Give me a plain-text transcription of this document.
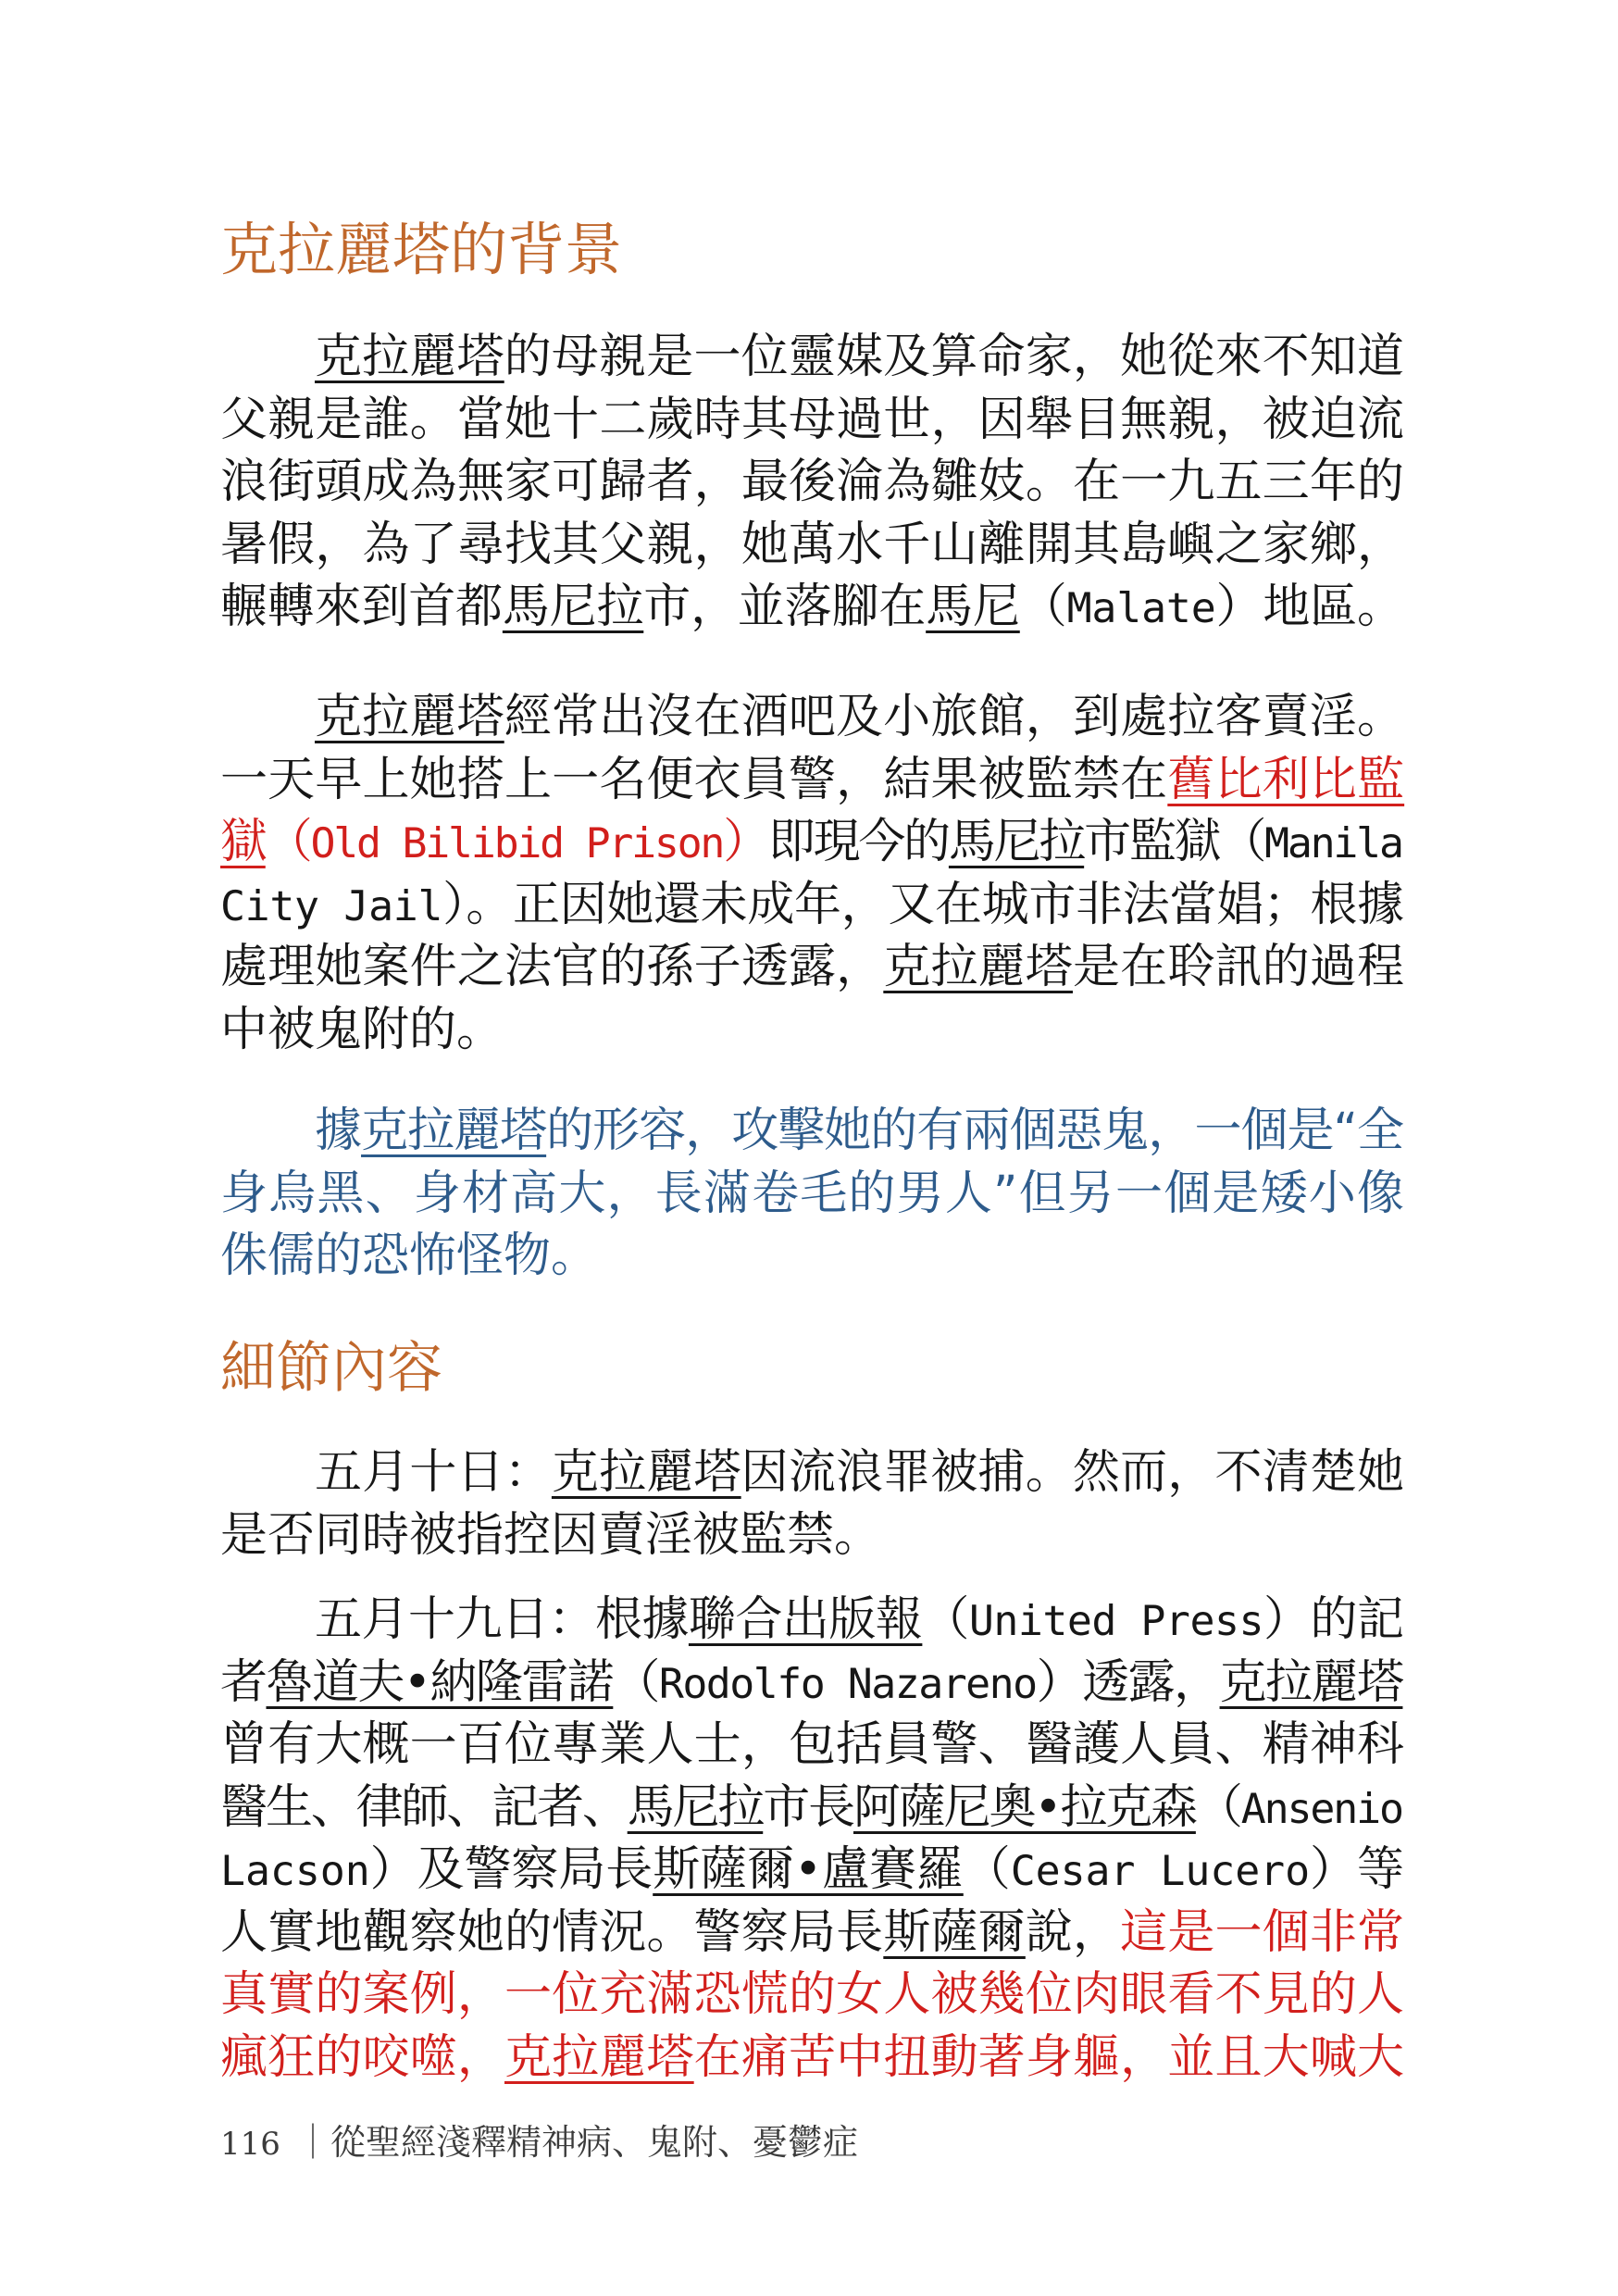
克拉麗塔的背景
克拉麗塔的母親是一位靈媒及算命家，她從來不知道
父親是誰。當她十二歲時其母過世，因舉目無親，被迫流
浪街頭成為無家可歸者，最後淪為雛妓。在一九五三年的
暑假，為了尋找其父親，她萬水千山離開其島嶼之家鄉，
輾轉來到首都馬尼拉市，並落腳在馬尼（Malate）地區。
克拉麗塔經常出沒在酒吧及小旅館，到處拉客賣淫。
一天早上她搭上一名便衣員警，結果被監禁在舊比利比監
獄（Old Bilibid Prison）即現今的馬尼拉市監獄（Manila
City Jail）。正因她還未成年，又在城市非法當娼；根據
處理她案件之法官的孫子透露，克拉麗塔是在聆訊的過程
中被鬼附的。
據克拉麗塔的形容，攻擊她的有兩個惡鬼，一個是“全
身烏黑、身材高大，長滿卷毛的男人”但另一個是矮小像
侏儒的恐怖怪物。
細節內容
五月十日：克拉麗塔因流浪罪被捕。然而，不清楚她
是否同時被指控因賣淫被監禁。
五月十九日：根據聯合出版報（United Press）的記
者魯道夫•納隆雷諾（Rodolfo Nazareno）透露，克拉麗塔
曾有大概一百位專業人士，包括員警、醫護人員、精神科
醫生、律師、記者、馬尼拉市長阿薩尼奧•拉克森（Ansenio
Lacson）及警察局長斯薩爾•盧賽羅（Cesar Lucero）等
人實地觀察她的情況。警察局長斯薩爾說，這是一個非常
真實的案例，一位充滿恐慌的女人被幾位肉眼看不見的人
瘋狂的咬噬，克拉麗塔在痛苦中扭動著身軀，並且大喊大
116 ｜從聖經淺釋精神病、鬼附、憂鬱症
